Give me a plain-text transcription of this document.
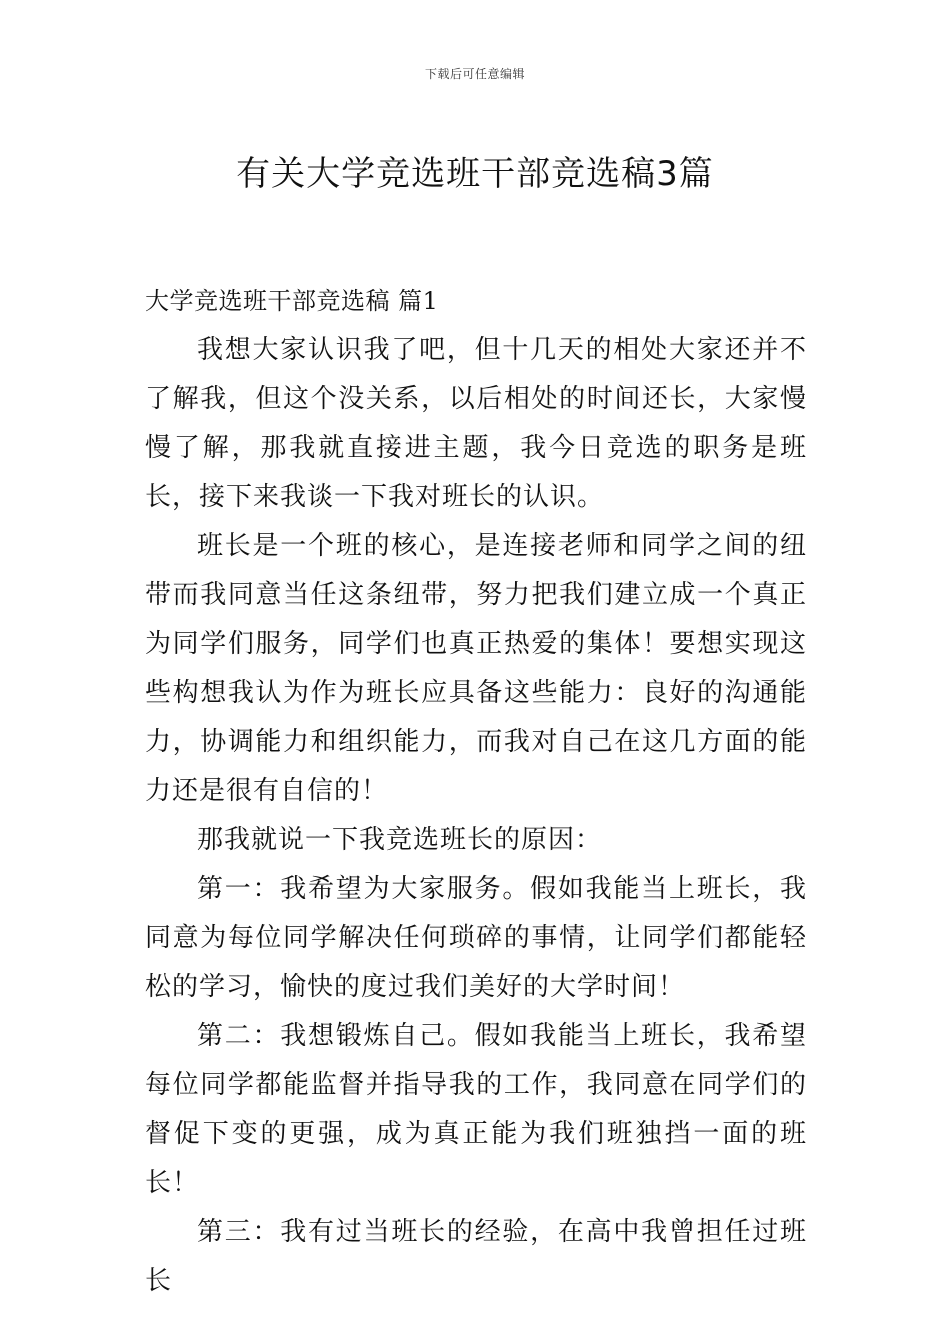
下载后可任意编辑
有关大学竞选班干部竞选稿3篇

大学竞选班干部竞选稿 篇1

我想大家认识我了吧，但十几天的相处大家还并不了解我，但这个没关系，以后相处的时间还长，大家慢慢了解，那我就直接进主题，我今日竞选的职务是班长，接下来我谈一下我对班长的认识。

班长是一个班的核心，是连接老师和同学之间的纽带而我同意当任这条纽带，努力把我们建立成一个真正为同学们服务，同学们也真正热爱的集体！要想实现这些构想我认为作为班长应具备这些能力：良好的沟通能力，协调能力和组织能力，而我对自己在这几方面的能力还是很有自信的！

那我就说一下我竞选班长的原因：

第一：我希望为大家服务。假如我能当上班长，我同意为每位同学解决任何琐碎的事情，让同学们都能轻松的学习，愉快的度过我们美好的大学时间！

第二：我想锻炼自己。假如我能当上班长，我希望每位同学都能监督并指导我的工作，我同意在同学们的督促下变的更强，成为真正能为我们班独挡一面的班长！

第三：我有过当班长的经验，在高中我曾担任过班长
